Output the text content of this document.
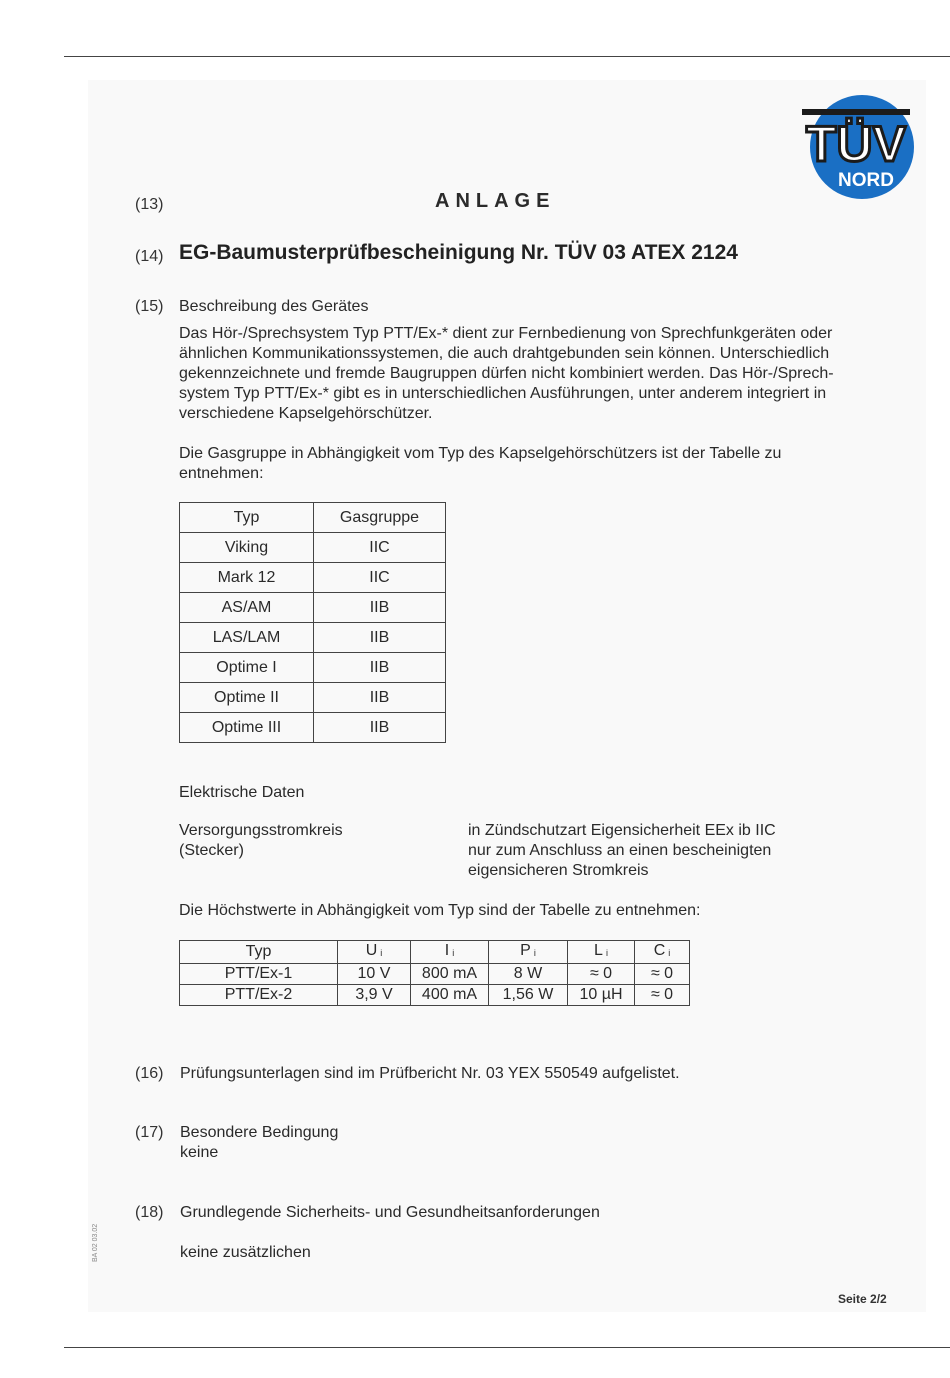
TÜV
NORD
(13)	ANLAGE
(14) EG-Baumusterprüfbescheinigung Nr. TÜV 03 ATEX 2124
(15) Beschreibung des Gerätes
Das Hör-/Sprechsystem Typ PTT/Ex-* dient zur Fernbedienung von Sprechfunkgeräten oder
ähnlichen Kommunikationssystemen, die auch drahtgebunden sein können. Unterschiedlich
gekennzeichnete und fremde Baugruppen dürfen nicht kombiniert werden. Das Hör-/Sprech-
system Typ PTT/Ex-* gibt es in unterschiedlichen Ausführungen, unter anderem integriert in
verschiedene Kapselgehörschützer.
Die Gasgruppe in Abhängigkeit vom Typ des Kapselgehörschützers ist der Tabelle zu
entnehmen:
Typ	Gasgruppe
Viking	IIC
Mark 12	IIC
AS/AM	IIB
LAS/LAM	IIB
Optime I	IIB
Optime II	IIB
Optime III	IIB
Elektrische Daten
Versorgungsstromkreis
(Stecker)
in Zündschutzart Eigensicherheit EEx ib IIC
nur zum Anschluss an einen bescheinigten
eigensicheren Stromkreis
Die Höchstwerte in Abhängigkeit vom Typ sind der Tabelle zu entnehmen:
Typ	U $_i$	I $_i$	P $_i$	L $_i$	C $_i$
PTT/Ex-1	10 V	800 mA	8 W	≈ 0	≈ 0
PTT/Ex-2	3,9 V	400 mA	1,56 W	10 µH	≈ 0
(16) Prüfungsunterlagen sind im Prüfbericht Nr. 03 YEX 550549 aufgelistet.
(17) Besondere Bedingung
keine
(18) Grundlegende Sicherheits- und Gesundheitsanforderungen
keine zusätzlichen
BA 02 03.02
Seite 2/2
